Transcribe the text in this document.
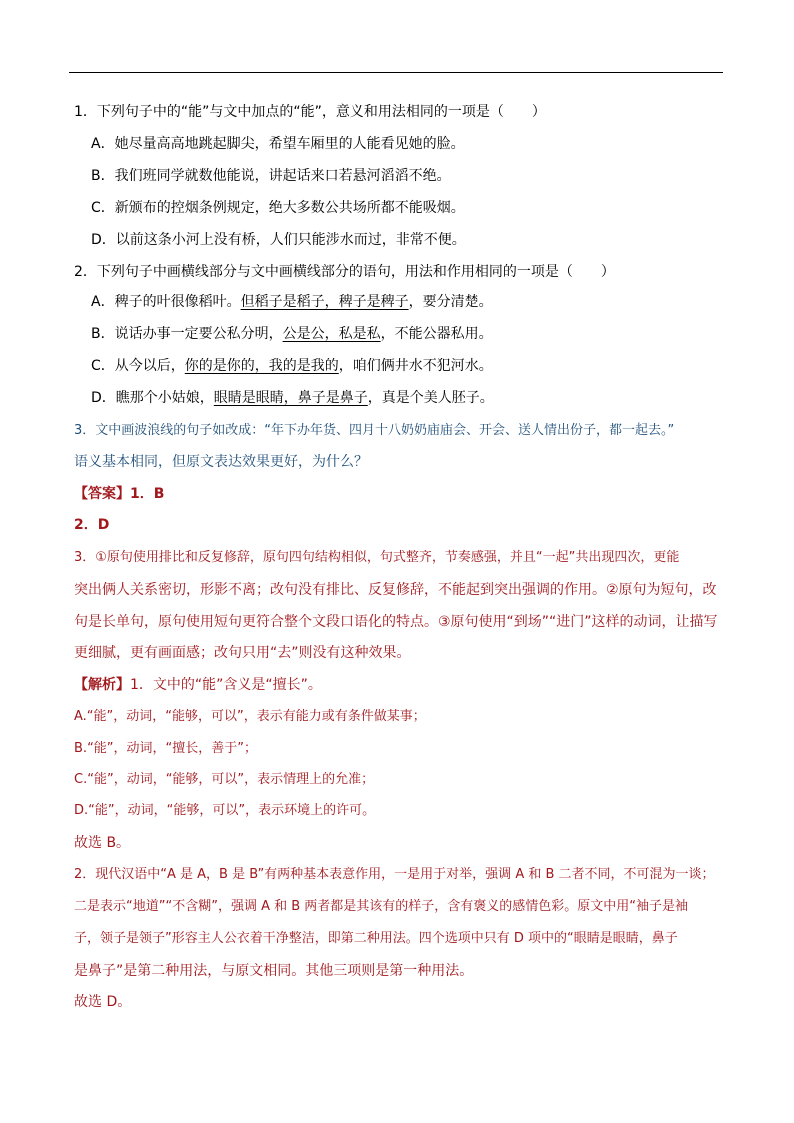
1．下列句子中的“能”与文中加点的“能”，意义和用法相同的一项是（　　）
A．她尽量高高地跳起脚尖，希望车厢里的人能看见她的脸。
B．我们班同学就数他能说，讲起话来口若悬河滔滔不绝。
C．新颁布的控烟条例规定，绝大多数公共场所都不能吸烟。
D．以前这条小河上没有桥，人们只能涉水而过，非常不便。
2．下列句子中画横线部分与文中画横线部分的语句，用法和作用相同的一项是（　　）
A．稗子的叶很像稻叶。但稻子是稻子，稗子是稗子，要分清楚。
B．说话办事一定要公私分明，公是公，私是私，不能公器私用。
C．从今以后，你的是你的，我的是我的，咱们俩井水不犯河水。
D．瞧那个小姑娘，眼睛是眼睛，鼻子是鼻子，真是个美人胚子。
3．文中画波浪线的句子如改成：“年下办年货、四月十八奶奶庙庙会、开会、送人情出份子，都一起去。”
语义基本相同，但原文表达效果更好，为什么？
【答案】1．B
2．D
3．①原句使用排比和反复修辞，原句四句结构相似，句式整齐，节奏感强，并且“一起”共出现四次，更能
突出俩人关系密切，形影不离；改句没有排比、反复修辞，不能起到突出强调的作用。②原句为短句，改
句是长单句，原句使用短句更符合整个文段口语化的特点。③原句使用“到场”“进门”这样的动词，让描写
更细腻，更有画面感；改句只用“去”则没有这种效果。
【解析】1．文中的“能”含义是“擅长”。
A.“能”，动词，“能够，可以”，表示有能力或有条件做某事；
B.“能”，动词，“擅长，善于”；
C.“能”，动词，“能够，可以”，表示情理上的允准；
D.“能”，动词，“能够，可以”，表示环境上的许可。
故选 B。
2．现代汉语中“A 是 A，B 是 B”有两种基本表意作用，一是用于对举，强调 A 和 B 二者不同，不可混为一谈；
二是表示“地道”“不含糊”，强调 A 和 B 两者都是其该有的样子，含有褒义的感情色彩。原文中用“袖子是袖
子，领子是领子”形容主人公衣着干净整洁，即第二种用法。四个选项中只有 D 项中的“眼睛是眼睛，鼻子
是鼻子”是第二种用法，与原文相同。其他三项则是第一种用法。
故选 D。
